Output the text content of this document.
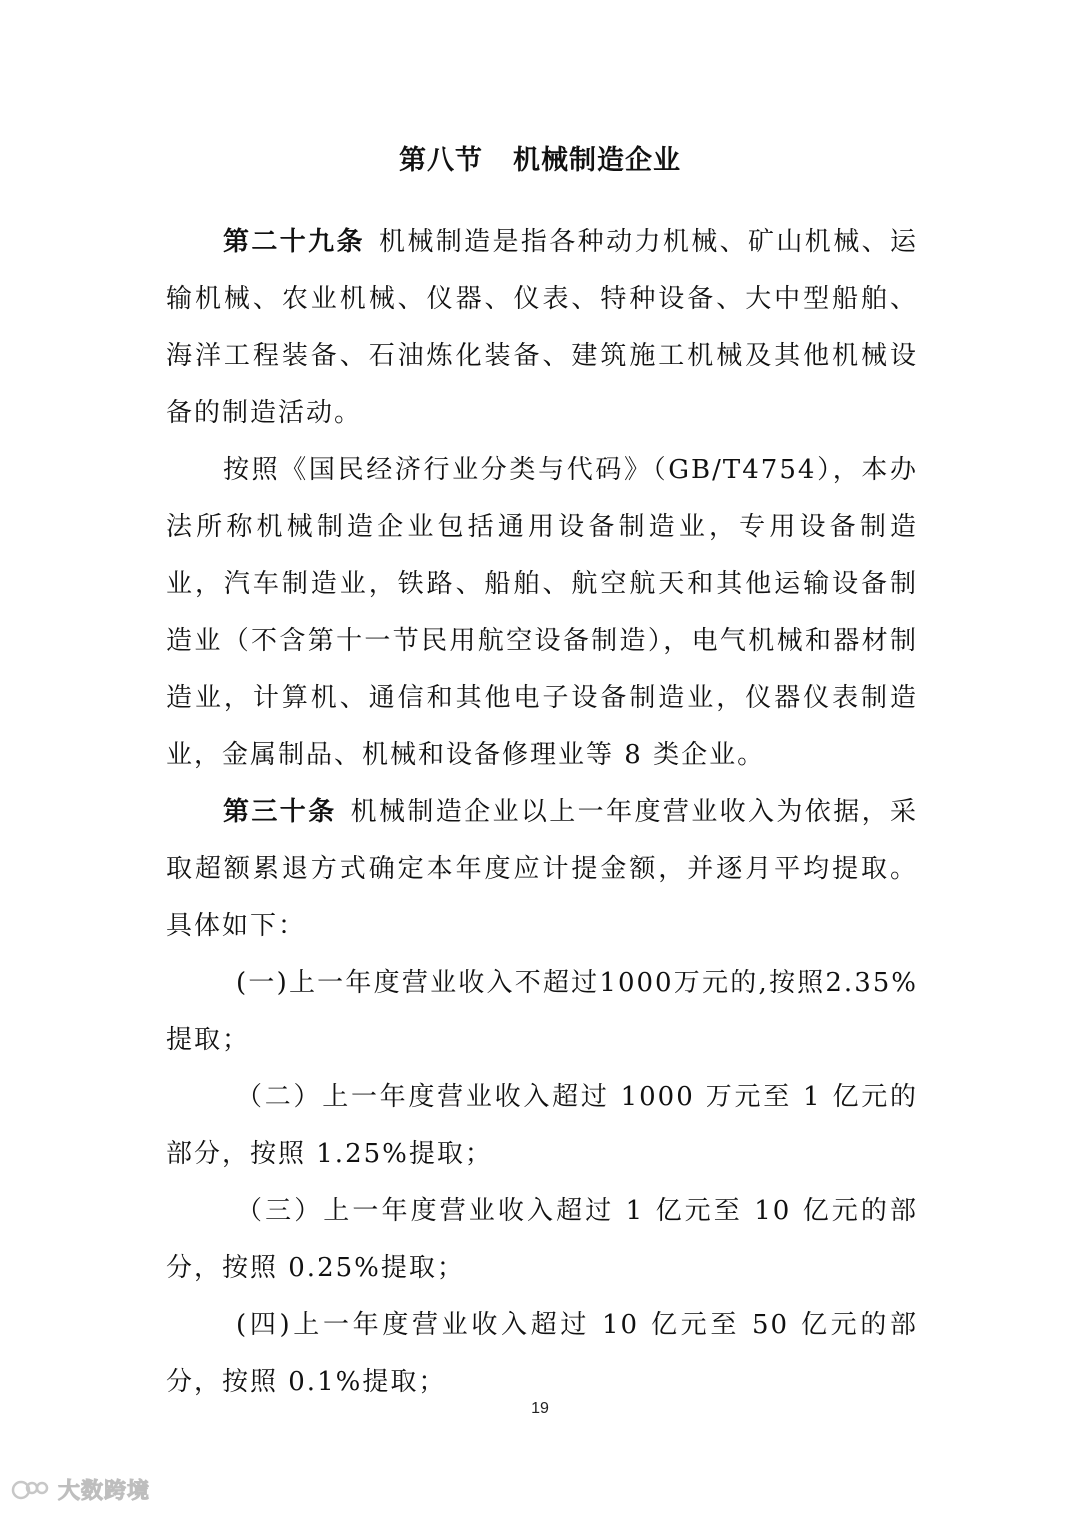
第八节 机械制造企业

第二十九条 机械制造是指各种动力机械、矿山机械、运输机械、农业机械、仪器、仪表、特种设备、大中型船舶、海洋工程装备、石油炼化装备、建筑施工机械及其他机械设备的制造活动。

按照《国民经济行业分类与代码》（GB/T4754），本办法所称机械制造企业包括通用设备制造业，专用设备制造业，汽车制造业，铁路、船舶、航空航天和其他运输设备制造业（不含第十一节民用航空设备制造），电气机械和器材制造业，计算机、通信和其他电子设备制造业，仪器仪表制造业，金属制品、机械和设备修理业等 8 类企业。

第三十条 机械制造企业以上一年度营业收入为依据，采取超额累退方式确定本年度应计提金额，并逐月平均提取。具体如下：

(一)上一年度营业收入不超过1000万元的,按照2.35%提取；

（二）上一年度营业收入超过 1000 万元至 1 亿元的部分，按照 1.25%提取；

（三）上一年度营业收入超过 1 亿元至 10 亿元的部分，按照 0.25%提取；

(四)上一年度营业收入超过 10 亿元至 50 亿元的部分，按照 0.1%提取；

19
大数跨境
